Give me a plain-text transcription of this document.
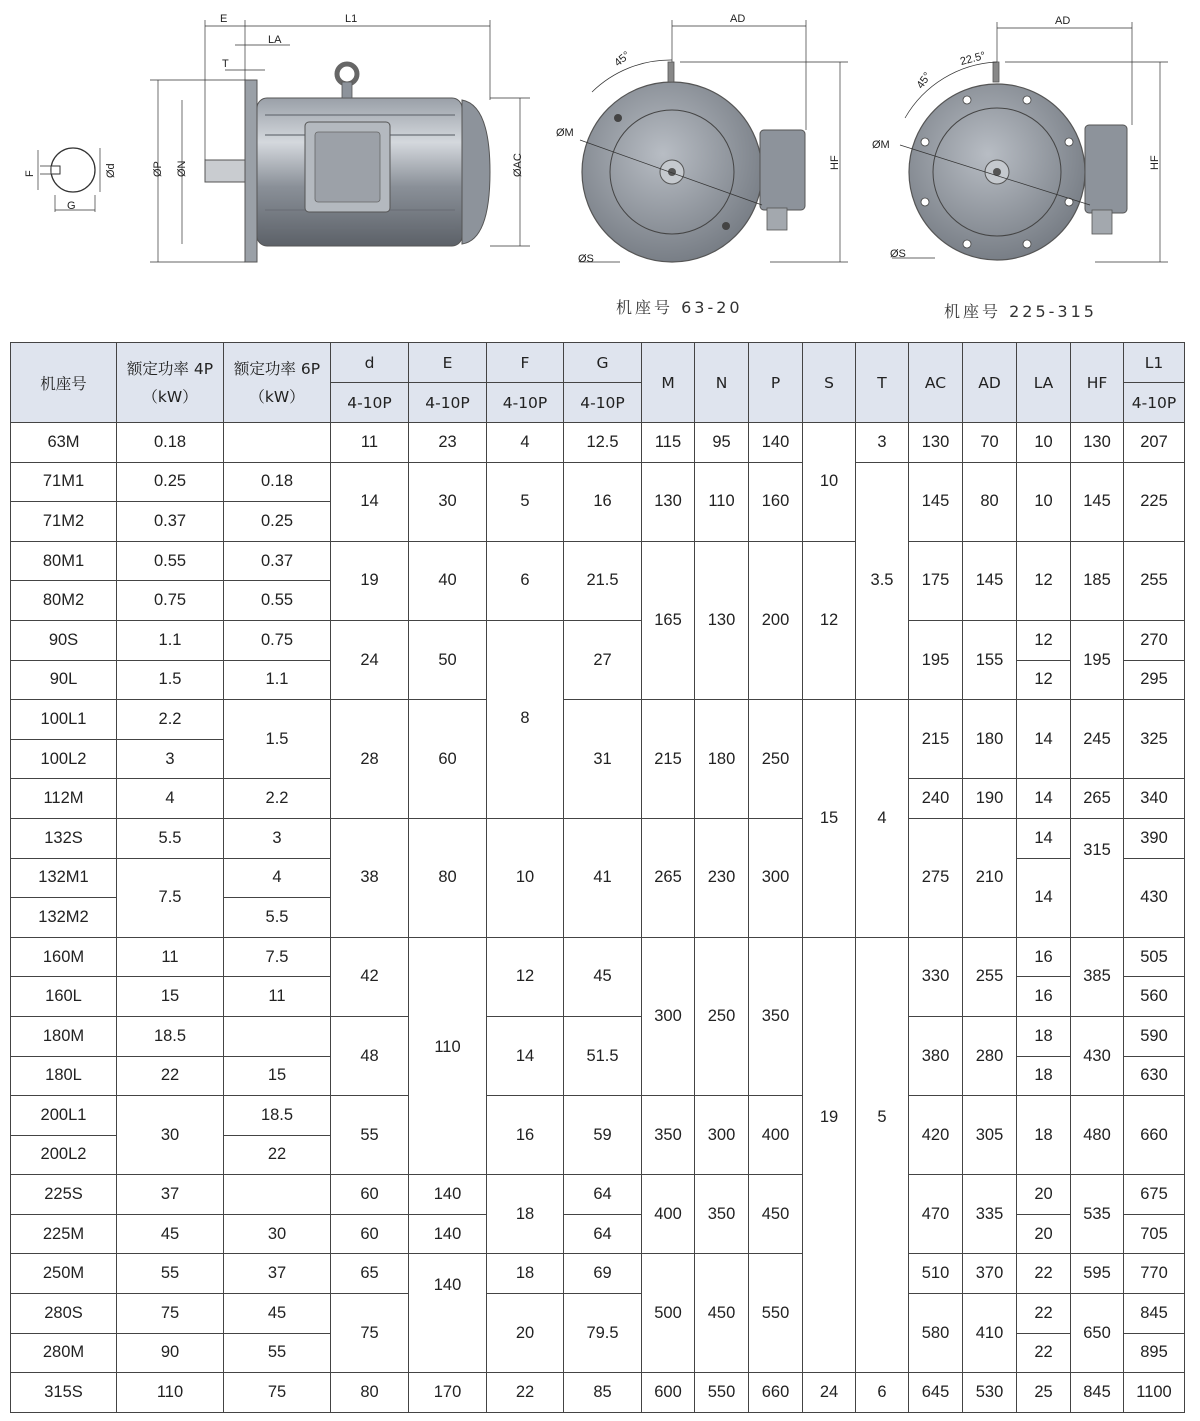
F
G
Ød
E	L1
LA
T
ØP ØN	ØAC
AD
45°
ØM
ØS
HF
机座号 63-20
AD
22.5°
45°
ØM
ØS
HF
机座号 225-315
机座号	额定功率 4P（kW）	额定功率 6P（kW）	d	E	F	G	M	N	P	S	T	AC	AD	LA	HF	L1
			4-10P	4-10P	4-10P	4-10P										4-10P
63M	0.18		11	23	4	12.5	115	95	140	10	3	130	70	10	130	207
71M1	0.25	0.18	14	30	5	16	130	110	160		3.5	145	80	10	145	225
71M2	0.37	0.25														
80M1	0.55	0.37	19	40	6	21.5	165	130	200	12		175	145	12	185	255
80M2	0.75	0.55														
90S	1.1	0.75	24	50	8	27						195	155	12	195	270
90L	1.5	1.1												12		295
100L1	2.2	1.5	28	60		31	215	180	250	15	4	215	180	14	245	325
100L2	3															
112M	4	2.2										240	190	14	265	340
132S	5.5	3	38	80	10	41	265	230	300			275	210	14	315	390
132M1	7.5	4												14		430
132M2		5.5														
160M	11	7.5	42	110	12	45	300	250	350	19	5	330	255	16	385	505
160L	15	11												16		560
180M	18.5		48		14	51.5						380	280	18	430	590
180L	22	15												18		630
200L1	30	18.5	55		16	59	350	300	400			420	305	18	480	660
200L2		22														
225S	37		60	140	18	64	400	350	450			470	335	20	535	675
225M	45	30	60	140		64								20		705
250M	55	37	65	140	18	69	500	450	550			510	370	22	595	770
280S	75	45	75		20	79.5						580	410	22	650	845
280M	90	55												22		895
315S	110	75	80	170	22	85	600	550	660	24	6	645	530	25	845	1100
